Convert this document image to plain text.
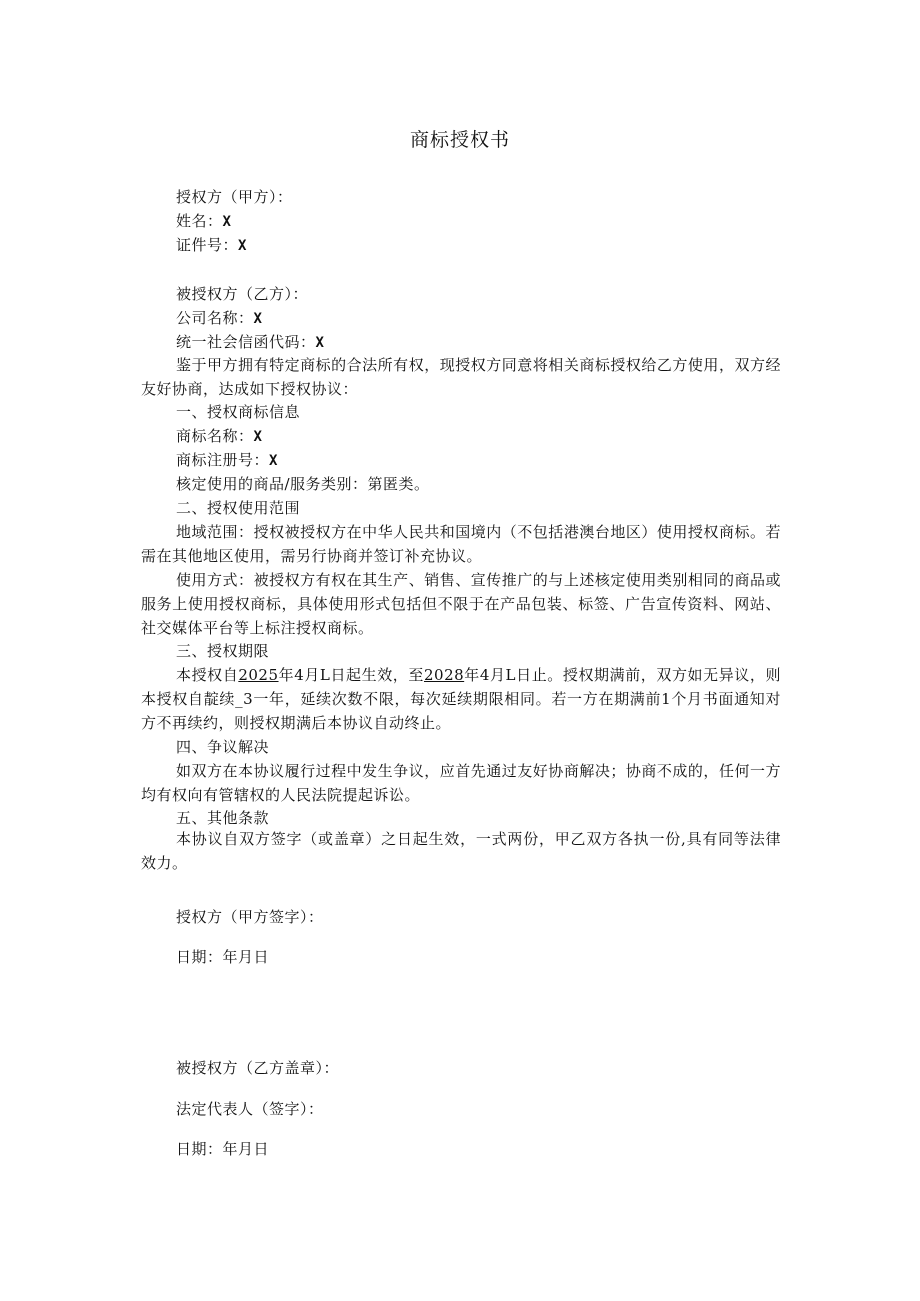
商标授权书
授权方（甲方）：
姓名：X
证件号：X
被授权方（乙方）：
公司名称：X
统一社会信函代码：X
鉴于甲方拥有特定商标的合法所有权，现授权方同意将相关商标授权给乙方使用，双方经友好协商，达成如下授权协议：
一、授权商标信息
商标名称：X
商标注册号：X
核定使用的商品/服务类别：第匿类。
二、授权使用范围
地域范围：授权被授权方在中华人民共和国境内（不包括港澳台地区）使用授权商标。若需在其他地区使用，需另行协商并签订补充协议。
使用方式：被授权方有权在其生产、销售、宣传推广的与上述核定使用类别相同的商品或服务上使用授权商标，具体使用形式包括但不限于在产品包装、标签、广告宣传资料、网站、社交媒体平台等上标注授权商标。
三、授权期限
本授权自2025年4月L日起生效，至2028年4月L日止。授权期满前，双方如无异议，则本授权自靛续_3一年，延续次数不限，每次延续期限相同。若一方在期满前1个月书面通知对方不再续约，则授权期满后本协议自动终止。
四、争议解决
如双方在本协议履行过程中发生争议，应首先通过友好协商解决；协商不成的，任何一方均有权向有管辖权的人民法院提起诉讼。
五、其他条款
本协议自双方签字（或盖章）之日起生效，一式两份，甲乙双方各执一份,具有同等法律效力。
授权方（甲方签字）：
日期：年月日
被授权方（乙方盖章）：
法定代表人（签字）：
日期：年月日
